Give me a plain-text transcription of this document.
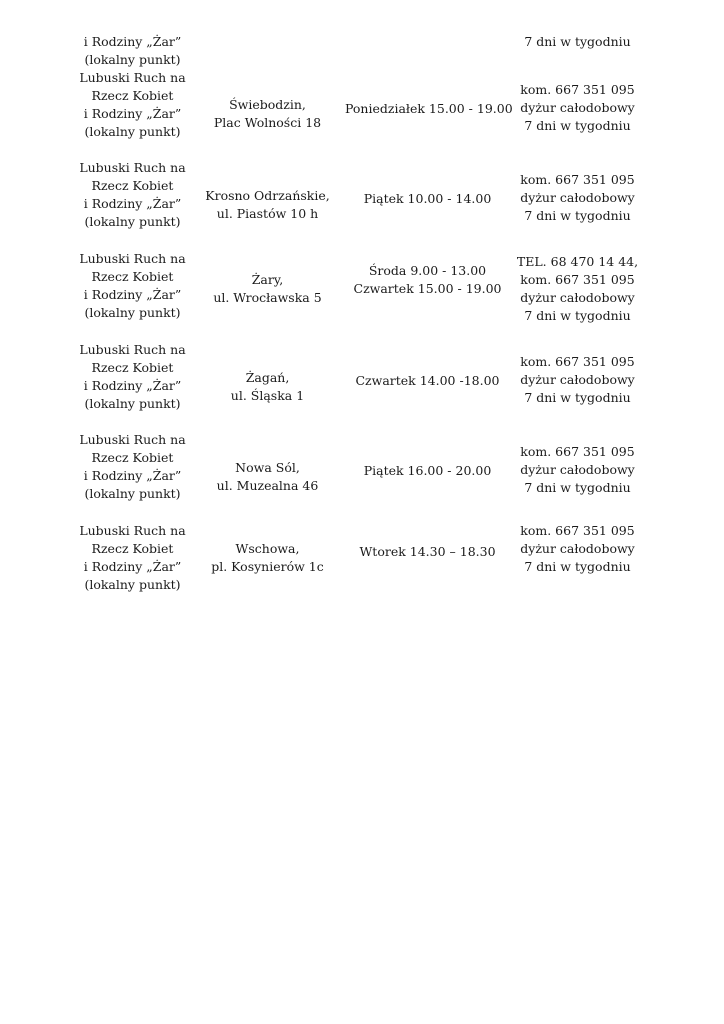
i Rodziny „Żar”
(lokalny punkt)
7 dni w tygodniu
Lubuski Ruch na
Rzecz Kobiet
i Rodziny „Żar”
(lokalny punkt)
Świebodzin,
Plac Wolności 18
Poniedziałek 15.00 - 19.00
kom. 667 351 095
dyżur całodobowy
7 dni w tygodniu
Lubuski Ruch na
Rzecz Kobiet
i Rodziny „Żar”
(lokalny punkt)
Krosno Odrzańskie,
ul. Piastów 10 h
Piątek 10.00 - 14.00
kom. 667 351 095
dyżur całodobowy
7 dni w tygodniu
Lubuski Ruch na
Rzecz Kobiet
i Rodziny „Żar”
(lokalny punkt)
Żary,
ul. Wrocławska 5
Środa 9.00 - 13.00
Czwartek 15.00 - 19.00
TEL. 68 470 14 44,
kom. 667 351 095
dyżur całodobowy
7 dni w tygodniu
Lubuski Ruch na
Rzecz Kobiet
i Rodziny „Żar”
(lokalny punkt)
Żagań,
ul. Śląska 1
Czwartek 14.00 -18.00
kom. 667 351 095
dyżur całodobowy
7 dni w tygodniu
Lubuski Ruch na
Rzecz Kobiet
i Rodziny „Żar”
(lokalny punkt)
Nowa Sól,
ul. Muzealna 46
Piątek 16.00 - 20.00
kom. 667 351 095
dyżur całodobowy
7 dni w tygodniu
Lubuski Ruch na
Rzecz Kobiet
i Rodziny „Żar”
(lokalny punkt)
Wschowa,
pl. Kosynierów 1c
Wtorek 14.30 – 18.30
kom. 667 351 095
dyżur całodobowy
7 dni w tygodniu
